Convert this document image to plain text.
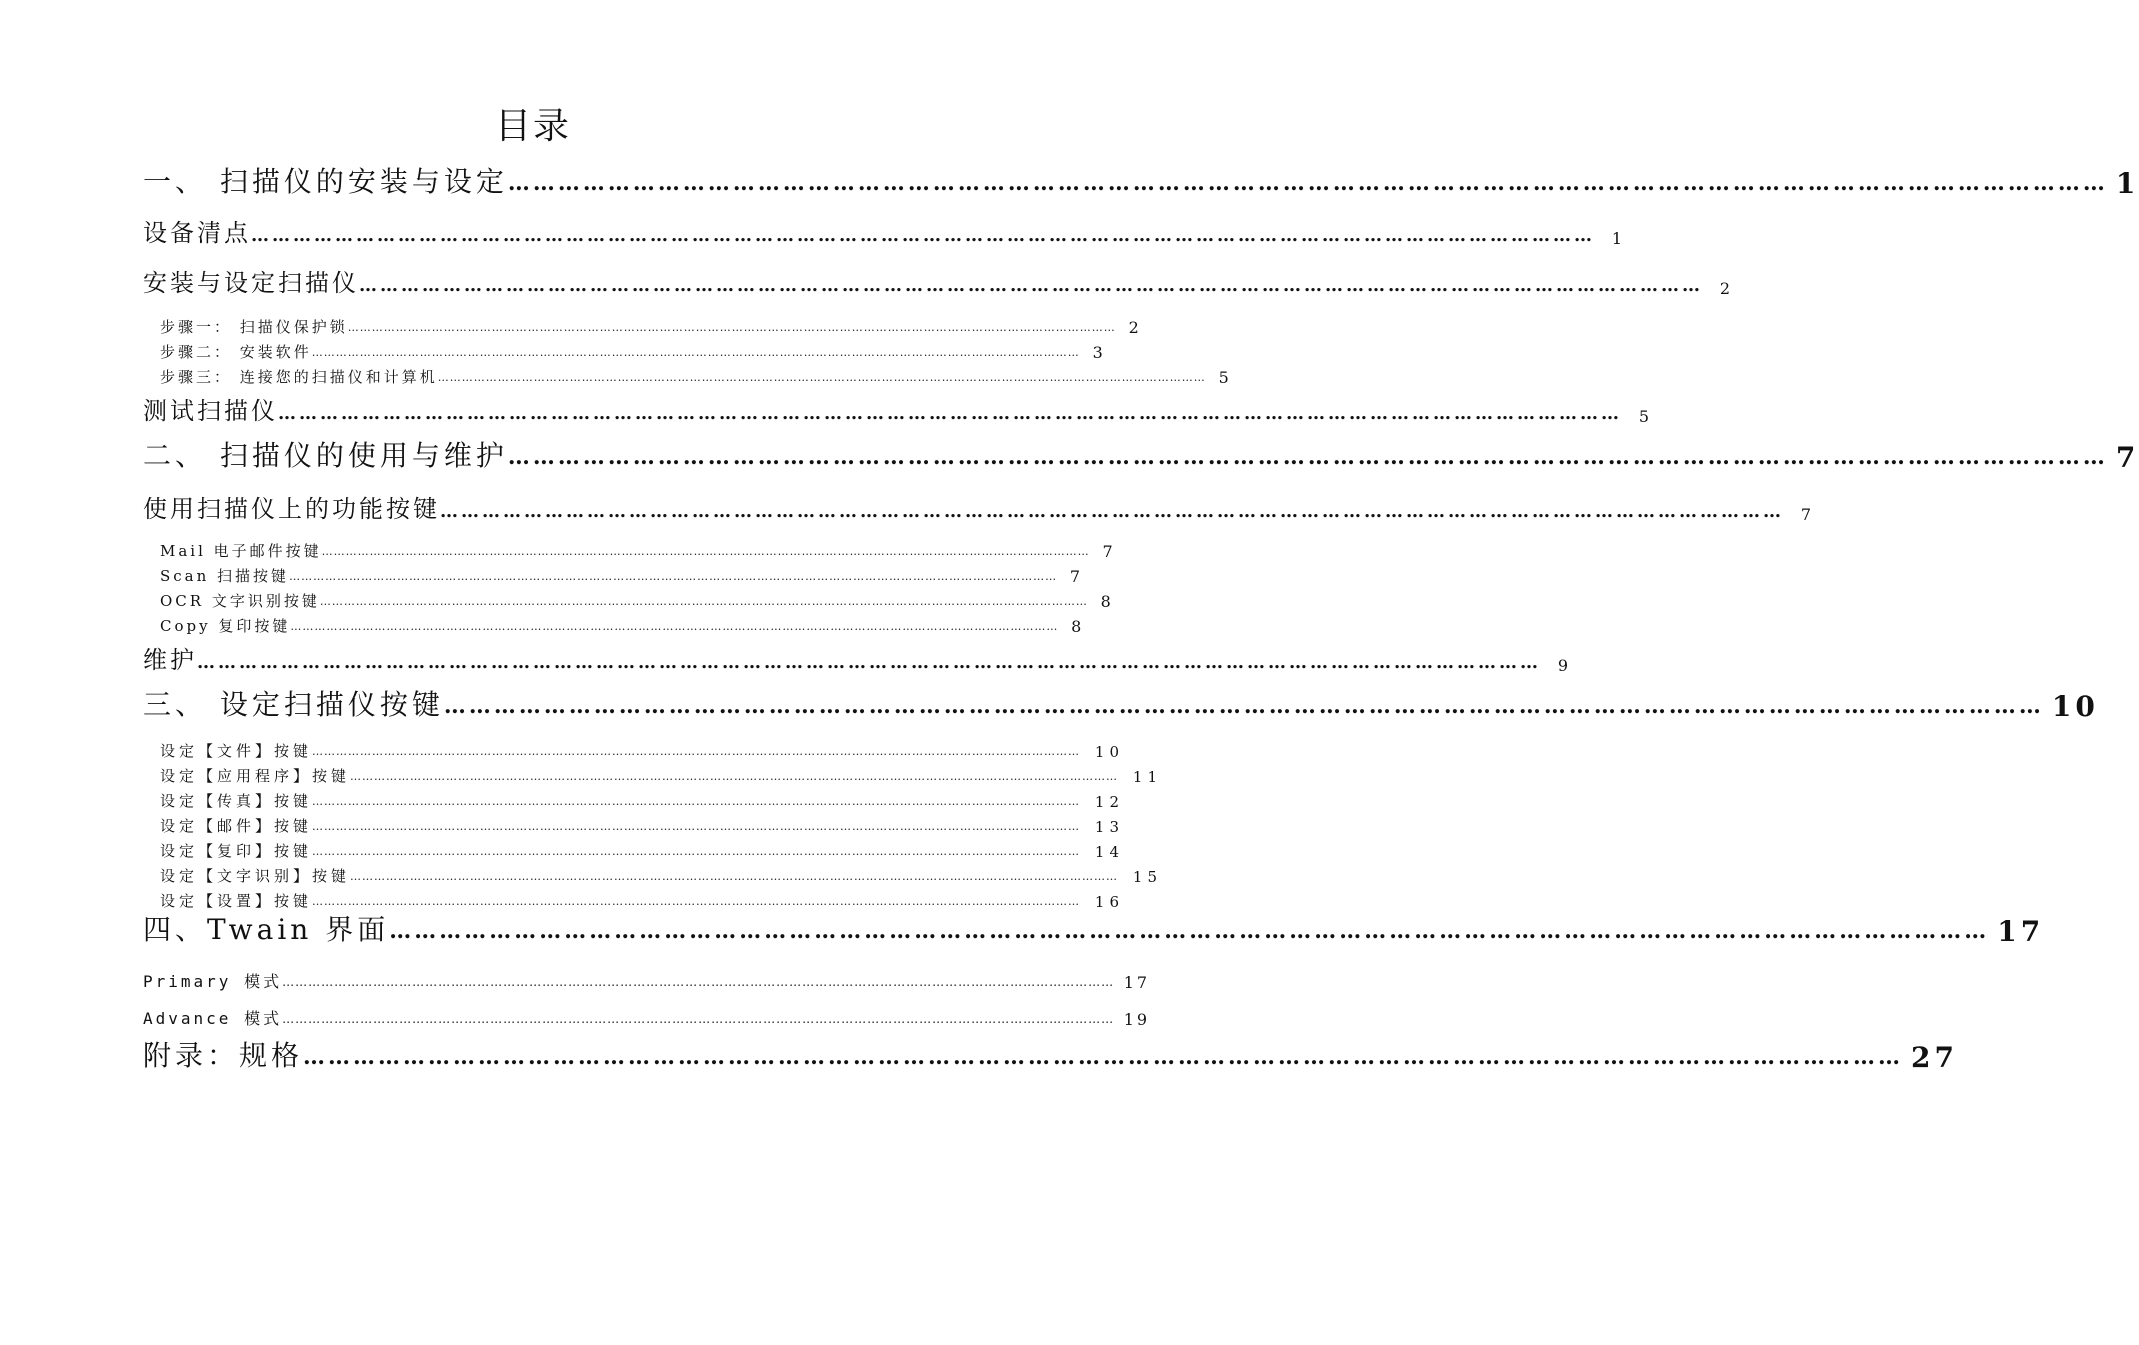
目录
一、 扫描仪的安装与设定 ………………………………………………………………………………………………………………………………………………………………………… 1
设备清点 …………………………………………………………………………………………………………………………………………………………………………	1
安装与设定扫描仪 …………………………………………………………………………………………………………………………………………………………………………	2
步骤一： 扫描仪保护锁 ………………………………………………………………………………………………………………………………………………………………………… 2
步骤二： 安装软件 ………………………………………………………………………………………………………………………………………………………………………… 3
步骤三： 连接您的扫描仪和计算机 ………………………………………………………………………………………………………………………………………………………………………… 5
测试扫描仪 …………………………………………………………………………………………………………………………………………………………………………	5
二、 扫描仪的使用与维护 ………………………………………………………………………………………………………………………………………………………………………… 7
使用扫描仪上的功能按键 …………………………………………………………………………………………………………………………………………………………………………	7
Mail 电子邮件按键 ………………………………………………………………………………………………………………………………………………………………………… 7
Scan 扫描按键 ………………………………………………………………………………………………………………………………………………………………………… 7
OCR 文字识别按键 ………………………………………………………………………………………………………………………………………………………………………… 8
Copy 复印按键 ………………………………………………………………………………………………………………………………………………………………………… 8
维护 …………………………………………………………………………………………………………………………………………………………………………	9
三、 设定扫描仪按键 ………………………………………………………………………………………………………………………………………………………………………… 10
设定【文件】按键 ………………………………………………………………………………………………………………………………………………………………………… 10
设定【应用程序】按键 ………………………………………………………………………………………………………………………………………………………………………… 11
设定【传真】按键 ………………………………………………………………………………………………………………………………………………………………………… 12
设定【邮件】按键 ………………………………………………………………………………………………………………………………………………………………………… 13
设定【复印】按键 ………………………………………………………………………………………………………………………………………………………………………… 14
设定【文字识别】按键 ………………………………………………………………………………………………………………………………………………………………………… 15
设定【设置】按键 ………………………………………………………………………………………………………………………………………………………………………… 16
四、Twain 界面 ………………………………………………………………………………………………………………………………………………………………………… 17
Primary 模式 ………………………………………………………………………………………………………………………………………………………………………… 17
Advance 模式 ………………………………………………………………………………………………………………………………………………………………………… 19
附录：规格 ………………………………………………………………………………………………………………………………………………………………………… 27
